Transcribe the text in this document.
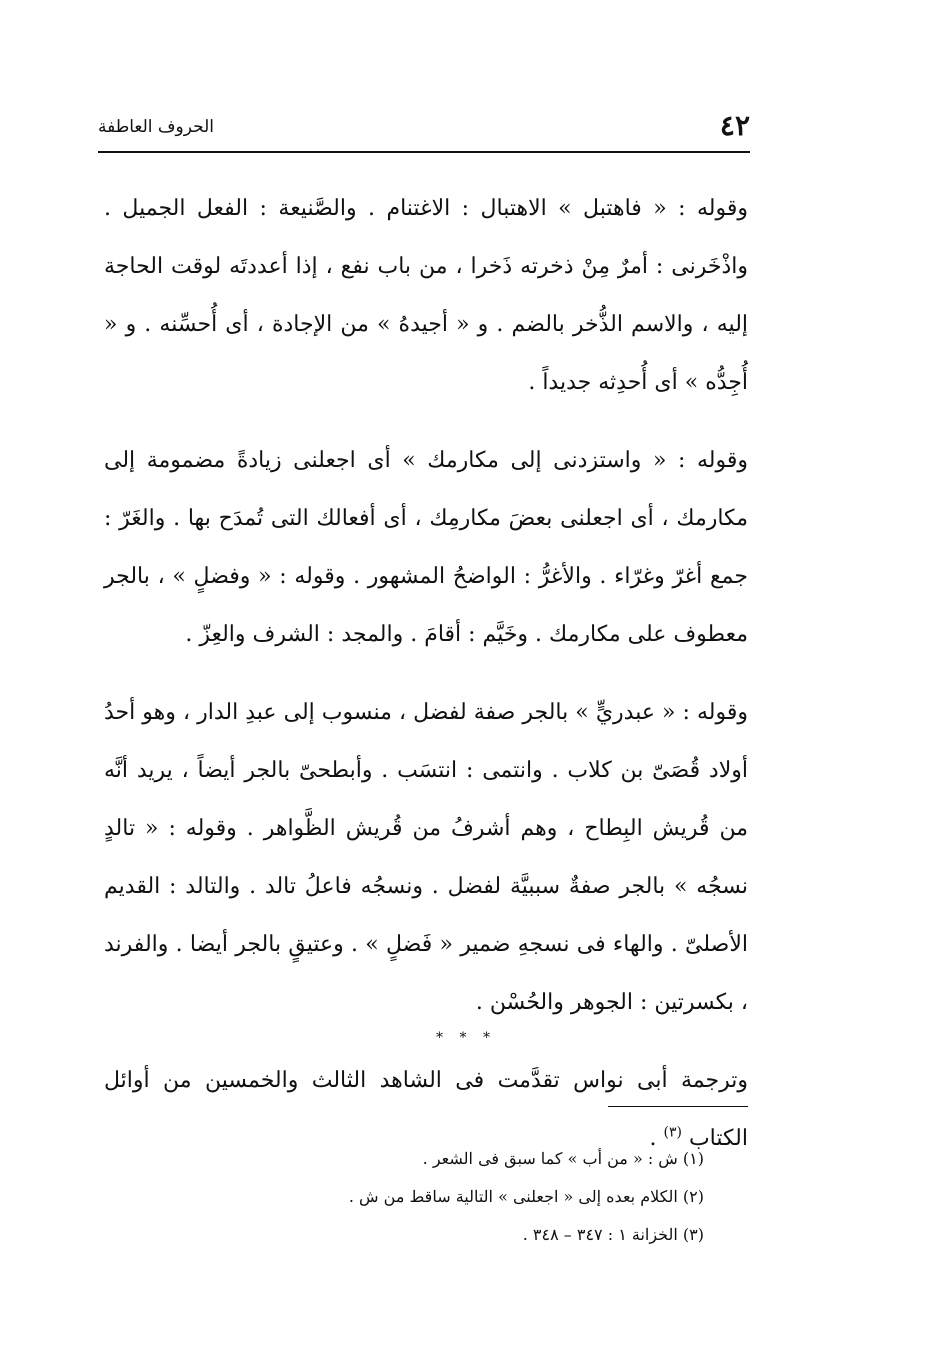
٤٢
الحروف العاطفة

وقوله : « فاهتبل » الاهتبال : الاغتنام . والصَّنيعة : الفعل الجميل . واذْخَرنى : أمرٌ مِنْ ذخرته ذَخرا ، من باب نفع ، إذا أعددتَه لوقت الحاجة إليه ، والاسم الذُّخر بالضم . و « أجيدهُ » من الإجادة ، أى أُحسِّنه . و « أُجِدُّه » أى أُحدِثه جديداً .

وقوله : « واستزدنى إلى مكارمك » أى اجعلنى زيادةً مضمومة إلى مكارمك ، أى اجعلنى بعضَ مكارمِك ، أى أفعالك التى تُمدَح بها . والغَرّ : جمع أغرّ وغرّاء . والأغرُّ : الواضحُ المشهور . وقوله : « وفضلٍ » ، بالجر معطوف على مكارمك . وخَيَّم : أقامَ . والمجد : الشرف والعِزّ .

وقوله : « عبدريٍّ » بالجر صفة لفضل ، منسوب إلى عبدِ الدار ، وهو أحدُ أولاد قُصَىّ بن كلاب . وانتمى : انتسَب . وأبطحىّ بالجر أيضاً ، يريد أنَّه من قُريش البِطاح ، وهم أشرفُ من قُريش الظَّواهر . وقوله : « تالدٍ نسجُه » بالجر صفةٌ سببيَّة لفضل . ونسجُه فاعلُ تالد . والتالد : القديم الأصلىّ . والهاء فى نسجهِ ضمير « فَضلٍ » . وعتيقٍ بالجر أيضا . والفرند ، بكسرتين : الجوهر والحُسْن .

وترجمة أبى نواس تقدَّمت فى الشاهد الثالث والخمسين من أوائل الكتاب $^{(٣)}$ .

* * *

(١) ش : « من أب » كما سبق فى الشعر .

(٢) الكلام بعده إلى « اجعلنى » التالية ساقط من ش .

(٣) الخزانة ١ : ٣٤٧ – ٣٤٨ .
